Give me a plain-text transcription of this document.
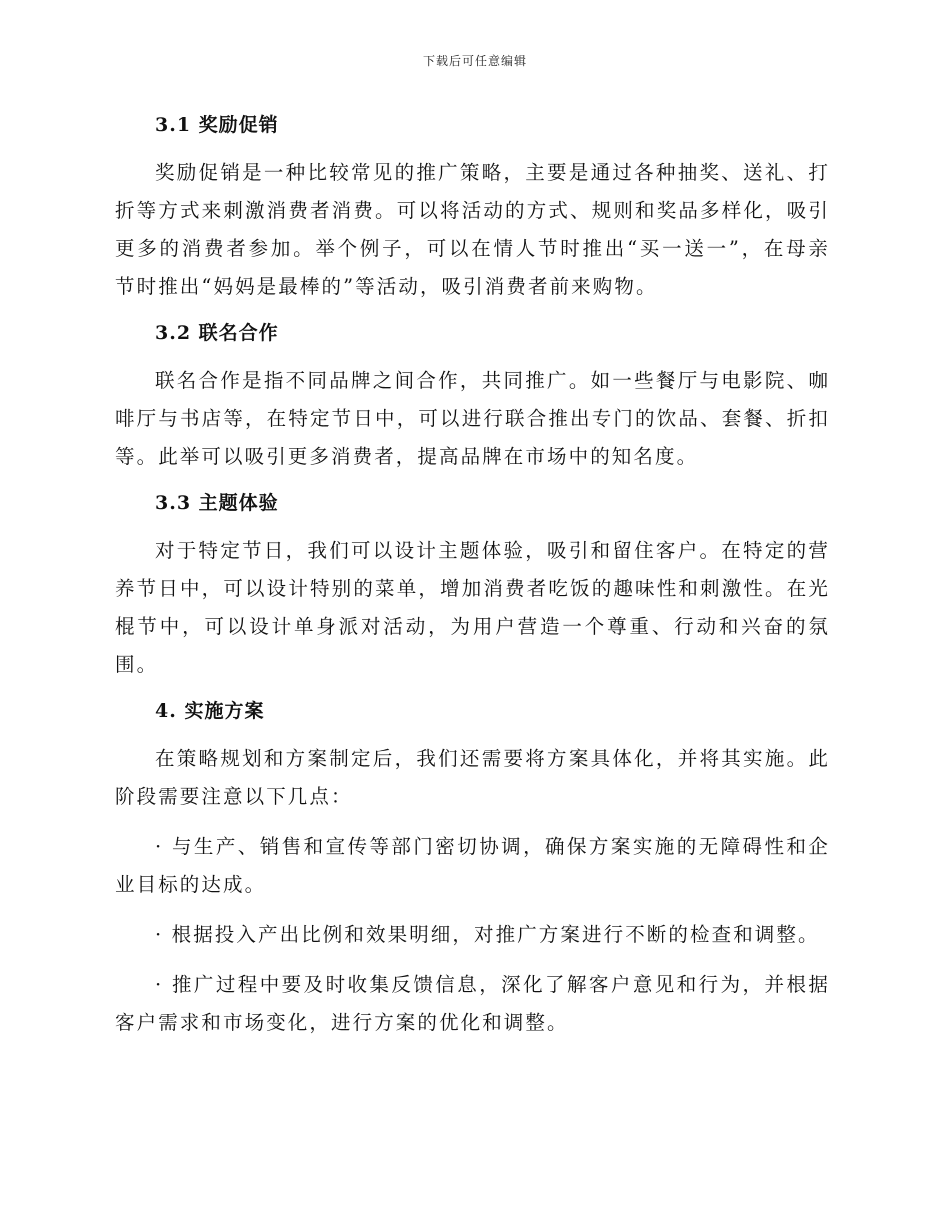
下载后可任意编辑
3.1 奖励促销

奖励促销是一种比较常见的推广策略，主要是通过各种抽奖、送礼、打折等方式来刺激消费者消费。可以将活动的方式、规则和奖品多样化，吸引更多的消费者参加。举个例子，可以在情人节时推出“买一送一”，在母亲节时推出“妈妈是最棒的”等活动，吸引消费者前来购物。

3.2 联名合作

联名合作是指不同品牌之间合作，共同推广。如一些餐厅与电影院、咖啡厅与书店等，在特定节日中，可以进行联合推出专门的饮品、套餐、折扣等。此举可以吸引更多消费者，提高品牌在市场中的知名度。

3.3 主题体验

对于特定节日，我们可以设计主题体验，吸引和留住客户。在特定的营养节日中，可以设计特别的菜单，增加消费者吃饭的趣味性和刺激性。在光棍节中，可以设计单身派对活动，为用户营造一个尊重、行动和兴奋的氛围。

4. 实施方案

在策略规划和方案制定后，我们还需要将方案具体化，并将其实施。此阶段需要注意以下几点：

· 与生产、销售和宣传等部门密切协调，确保方案实施的无障碍性和企业目标的达成。

· 根据投入产出比例和效果明细，对推广方案进行不断的检查和调整。

· 推广过程中要及时收集反馈信息，深化了解客户意见和行为，并根据客户需求和市场变化，进行方案的优化和调整。
